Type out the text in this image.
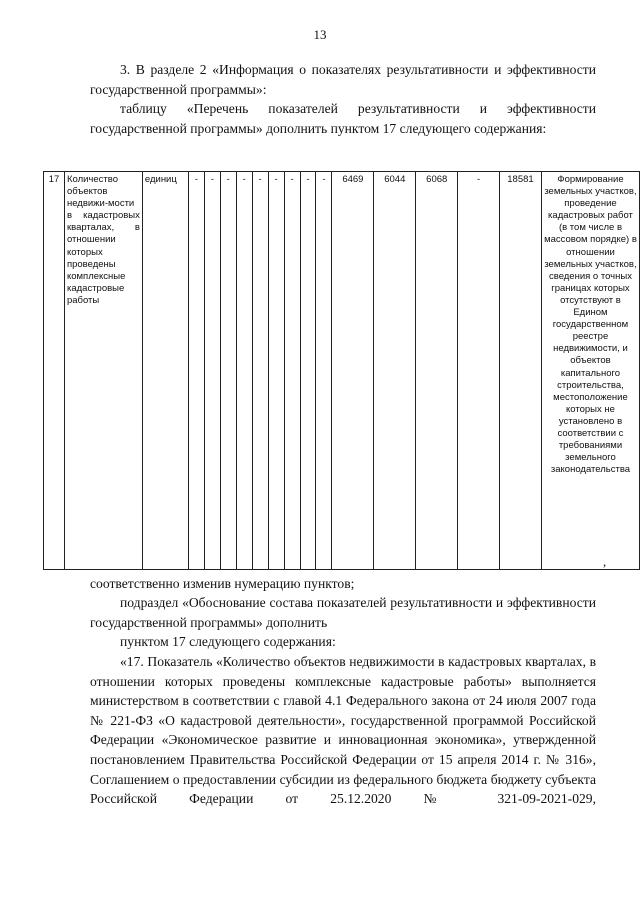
13

3. В разделе 2 «Информация о показателях результативности и эффективности государственной программы»:

таблицу «Перечень показателей результативности и эффективности государственной программы» дополнить пунктом 17 следующего содержания:

17	Количество объектов недвижи-мости в кадастровых кварталах, в отношении которых проведены комплексные кадастровые работы	единиц	-	-	-	-	-	-	-	-	-	6469	6044	6068	-	18581	Формирование земельных участков, проведение кадастровых работ (в том числе в массовом порядке) в отношении земельных участков, сведения о точных границах которых отсутствуют в Едином государственном реестре недвижимости, и объектов капитального строительства, местоположение которых не установлено в соответствии с требованиями земельного законодательства
,

соответственно изменив нумерацию пунктов;

подраздел «Обоснование состава показателей результативности и эффективности государственной программы» дополнить

пунктом 17 следующего содержания:

«17. Показатель «Количество объектов недвижимости в кадастровых кварталах, в отношении которых проведены комплексные кадастровые работы» выполняется министерством в соответствии с главой 4.1 Федерального закона от 24 июля 2007 года № 221-ФЗ «О кадастровой деятельности», государственной программой Российской Федерации «Экономическое развитие и инновационная экономика», утвержденной постановлением Правительства Российской Федерации от 15 апреля 2014 г. № 316», Соглашением о предоставлении субсидии из федерального бюджета бюджету субъекта Российской Федерации от 25.12.2020 № 321-09-2021-029,
